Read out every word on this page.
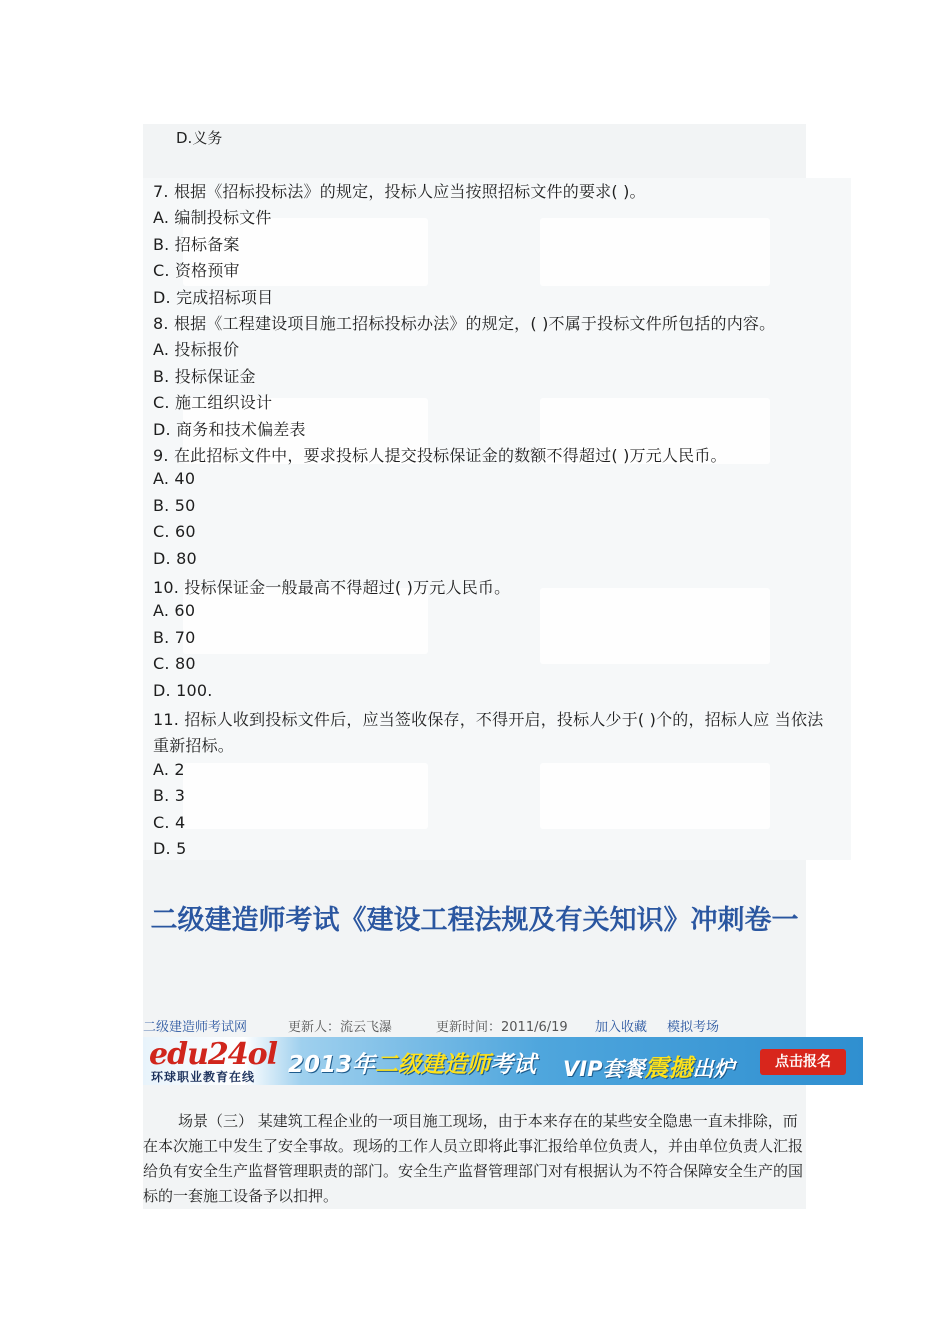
D.义务
7. 根据《招标投标法》的规定，投标人应当按照招标文件的要求( )。
A. 编制投标文件
B. 招标备案
C. 资格预审
D. 完成招标项目
8. 根据《工程建设项目施工招标投标办法》的规定，( )不属于投标文件所包括的内容。
A. 投标报价
B. 投标保证金
C. 施工组织设计
D. 商务和技术偏差表
9. 在此招标文件中，要求投标人提交投标保证金的数额不得超过( )万元人民币。
A. 40
B. 50
C. 60
D. 80
10. 投标保证金一般最高不得超过( )万元人民币。
A. 60
B. 70
C. 80
D. 100.
11. 招标人收到投标文件后，应当签收保存，不得开启，投标人少于( )个的，招标人应 当依法
重新招标。
A. 2
B. 3
C. 4
D. 5
二级建造师考试《建设工程法规及有关知识》冲刺卷一
二级建造师考试网	更新人：流云飞瀑	更新时间：2011/6/19 加入收藏 模拟考场
edu24ol
环球职业教育在线 2013年二级建造师考试 VIP套餐震撼出炉	点击报名
场景（三） 某建筑工程企业的一项目施工现场，由于本来存在的某些安全隐患一直未排除，而在本次施工中发生了安全事故。现场的工作人员立即将此事汇报给单位负责人，并由单位负责人汇报给负有安全生产监督管理职责的部门。安全生产监督管理部门对有根据认为不符合保障安全生产的国标的一套施工设备予以扣押。
